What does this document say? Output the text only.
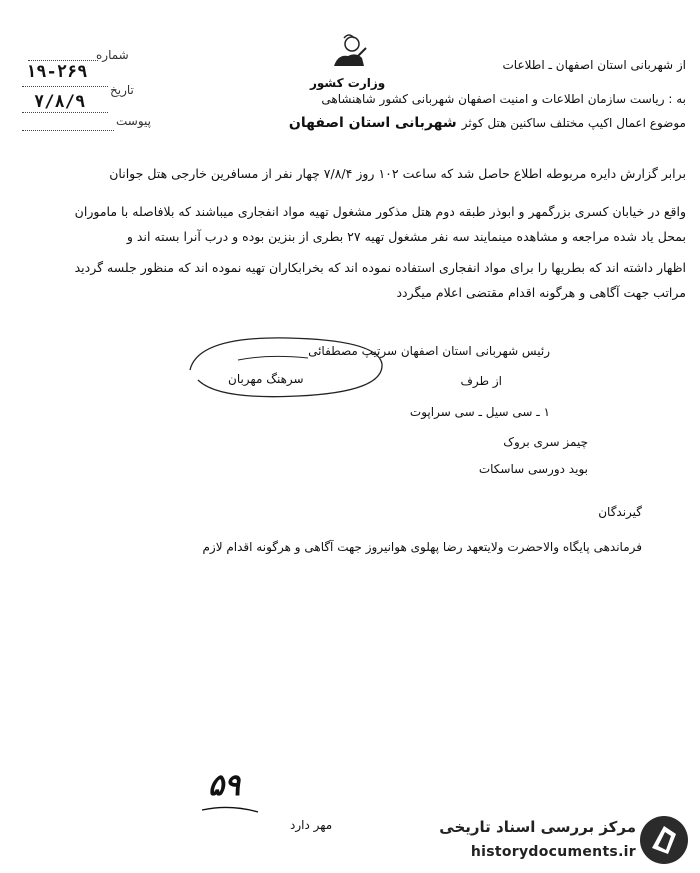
شماره
۱۹-۲۶۹
تاریخ
۷/۸/۹
پیوست
وزارت کشور
از شهربانی استان اصفهان ـ اطلاعات
به : ریاست سازمان اطلاعات و امنیت اصفهان شهربانی کشور شاهنشاهی
موضوع اعمال اکیپ مختلف ساکنین هتل کوثر شهربانی استان اصفهان
برابر گزارش دایره مربوطه اطلاع حاصل شد که ساعت ۱۰۲ روز ۷/۸/۴ چهار نفر از مسافرین خارجی هتل جوانان
واقع در خیابان کسری بزرگمهر و ابوذر طبقه دوم هتل مذکور مشغول تهیه مواد انفجاری میباشند که بلافاصله با ماموران
بمحل یاد شده مراجعه و مشاهده مینمایند سه نفر مشغول تهیه ۲۷ بطری از بنزین بوده و درب آنرا بسته اند و
اظهار داشته اند که بطریها را برای مواد انفجاری استفاده نموده اند که بخرابکاران تهیه نموده اند که منظور جلسه گردید
مراتب جهت آگاهی و هرگونه اقدام مقتضی اعلام میگردد
رئیس شهربانی استان اصفهان سرتیپ مصطفائی
از طرف
سرهنگ مهربان
۱ ـ سی سیل ـ سی سراپوت
چیمز سری بروک
بوید دورسی ساسکات
گیرندگان
فرماندهی پایگاه والاحضرت ولایتعهد رضا پهلوی هوانیروز جهت آگاهی و هرگونه اقدام لازم
۵۹
مهر دارد	مرکز بررسی اسناد تاریخی
historydocuments.ir
